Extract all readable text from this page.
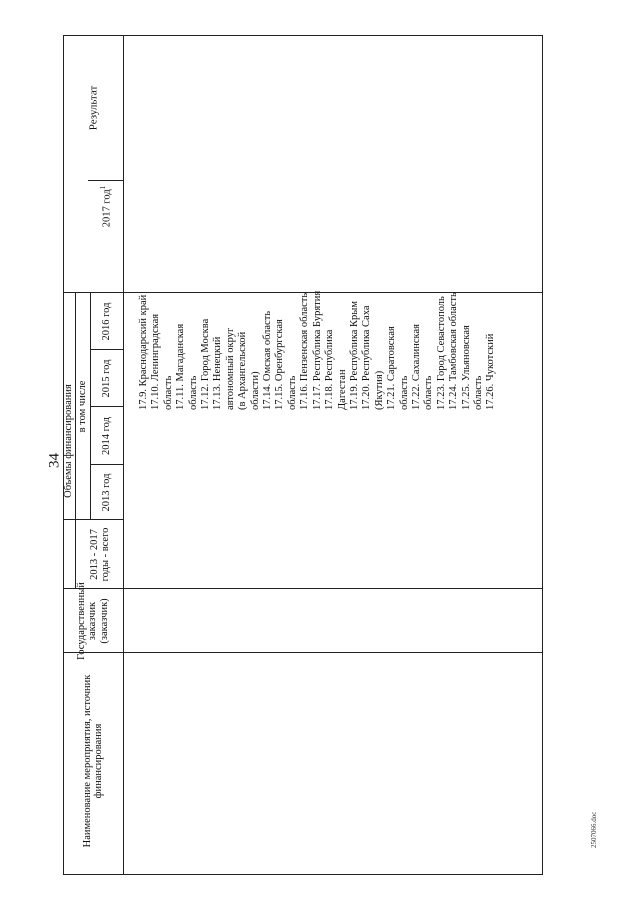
34
Наименование мероприятия, источник финансирования
Государственный заказчик (заказчик)
2013 - 2017 годы - всего
Объемы финансирования в том числе
2013 год
2014 год
2015 год
2016 год
2017 год$^1$
Результат
17.9. Краснодарский край 17.10. Ленинградская область 17.11. Магаданская область 17.12. Город Москва 17.13. Ненецкий автономный округ (в Архангельской области) 17.14. Омская область 17.15. Оренбургская область 17.16. Пензенская область 17.17. Республика Бурятия 17.18. Республика Дагестан 17.19. Республика Крым 17.20. Республика Саха (Якутия) 17.21. Саратовская область 17.22. Сахалинская область 17.23. Город Севастополь 17.24. Тамбовская область 17.25. Ульяновская область 17.26. Чукотский
2507066.doc
